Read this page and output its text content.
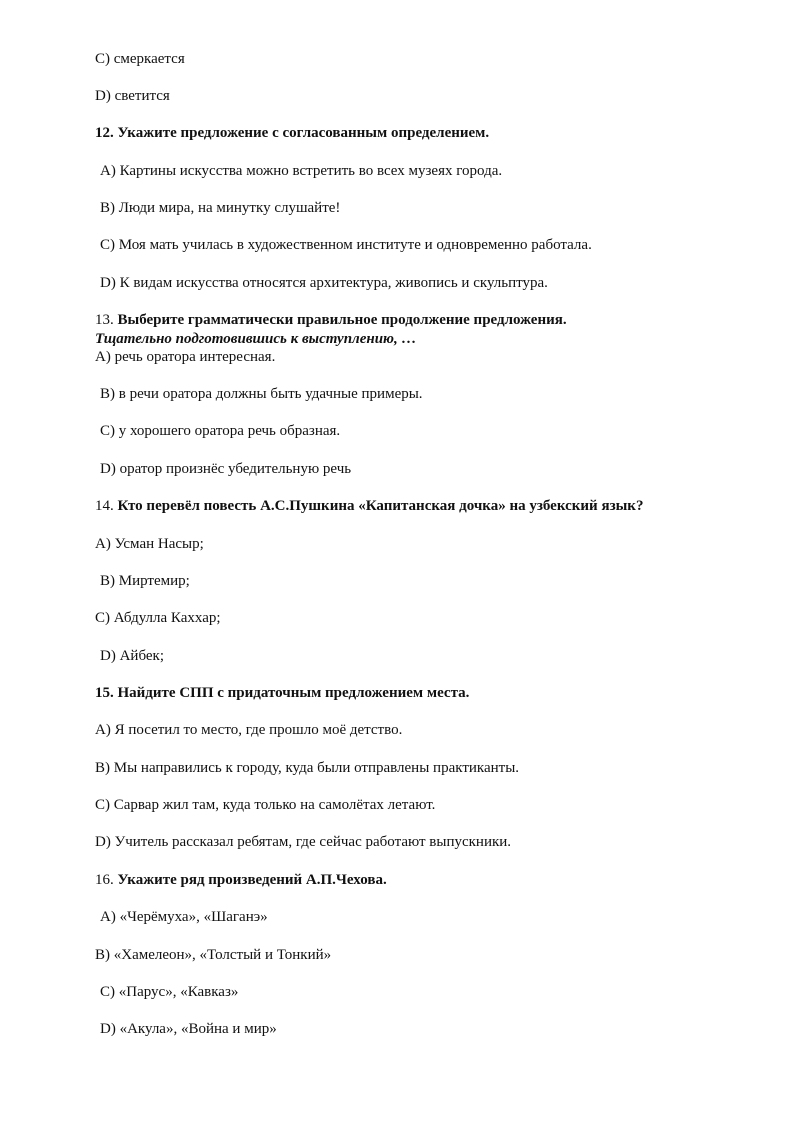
C) смеркается
D) светится
12. Укажите предложение с согласованным определением.
A) Картины искусства можно встретить во всех музеях города.
B) Люди мира, на минутку слушайте!
C) Моя мать училась в художественном институте и одновременно работала.
D) К видам искусства относятся архитектура, живопись и скульптура.
13. Выберите грамматически правильное продолжение предложения.
Тщательно подготовившись к выступлению, …
A) речь оратора интересная.
B) в речи оратора должны быть удачные примеры.
C) у хорошего оратора речь образная.
D) оратор произнёс убедительную речь
14. Кто перевёл повесть А.С.Пушкина «Капитанская дочка» на узбекский язык?
A) Усман Насыр;
B) Миртемир;
C) Абдулла Каххар;
D) Айбек;
15. Найдите СПП с придаточным предложением места.
A) Я посетил то место, где прошло моё детство.
B) Мы направились к городу, куда были отправлены практиканты.
C) Сарвар жил там, куда только на самолётах летают.
D) Учитель рассказал ребятам, где сейчас работают выпускники.
16. Укажите ряд произведений А.П.Чехова.
A) «Черёмуха», «Шаганэ»
B) «Хамелеон», «Толстый и Тонкий»
C) «Парус», «Кавказ»
D) «Акула», «Война и мир»
